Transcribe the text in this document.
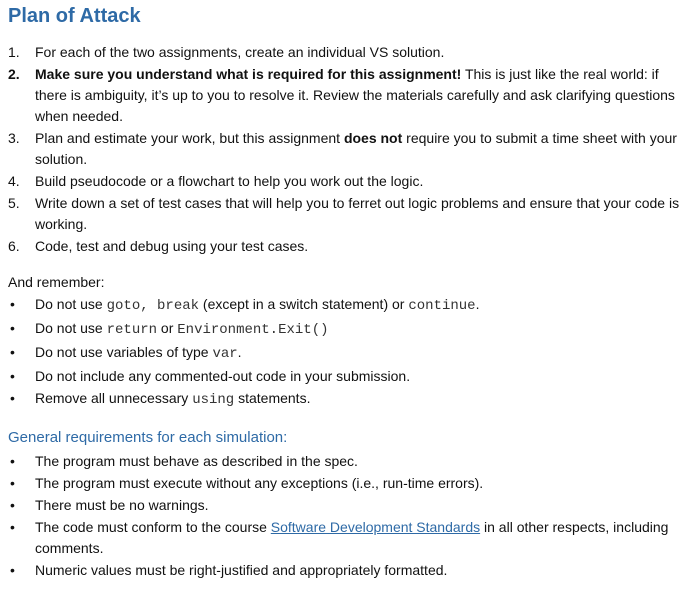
Plan of Attack
1.	For each of the two assignments, create an individual VS solution.
2.	Make sure you understand what is required for this assignment! This is just like the real world: if there is ambiguity, it’s up to you to resolve it. Review the materials carefully and ask clarifying questions when needed.
3.	Plan and estimate your work, but this assignment does not require you to submit a time sheet with your solution.
4.	Build pseudocode or a flowchart to help you work out the logic.
5.	Write down a set of test cases that will help you to ferret out logic problems and ensure that your code is working.
6.	Code, test and debug using your test cases.

And remember:

•	Do not use goto, break (except in a switch statement) or continue.
•	Do not use return or Environment.Exit()
•	Do not use variables of type var.
•	Do not include any commented-out code in your submission.
•	Remove all unnecessary using statements.

General requirements for each simulation:

•	The program must behave as described in the spec.
•	The program must execute without any exceptions (i.e., run-time errors).
•	There must be no warnings.
•	The code must conform to the course Software Development Standards in all other respects, including comments.
•	Numeric values must be right-justified and appropriately formatted.
